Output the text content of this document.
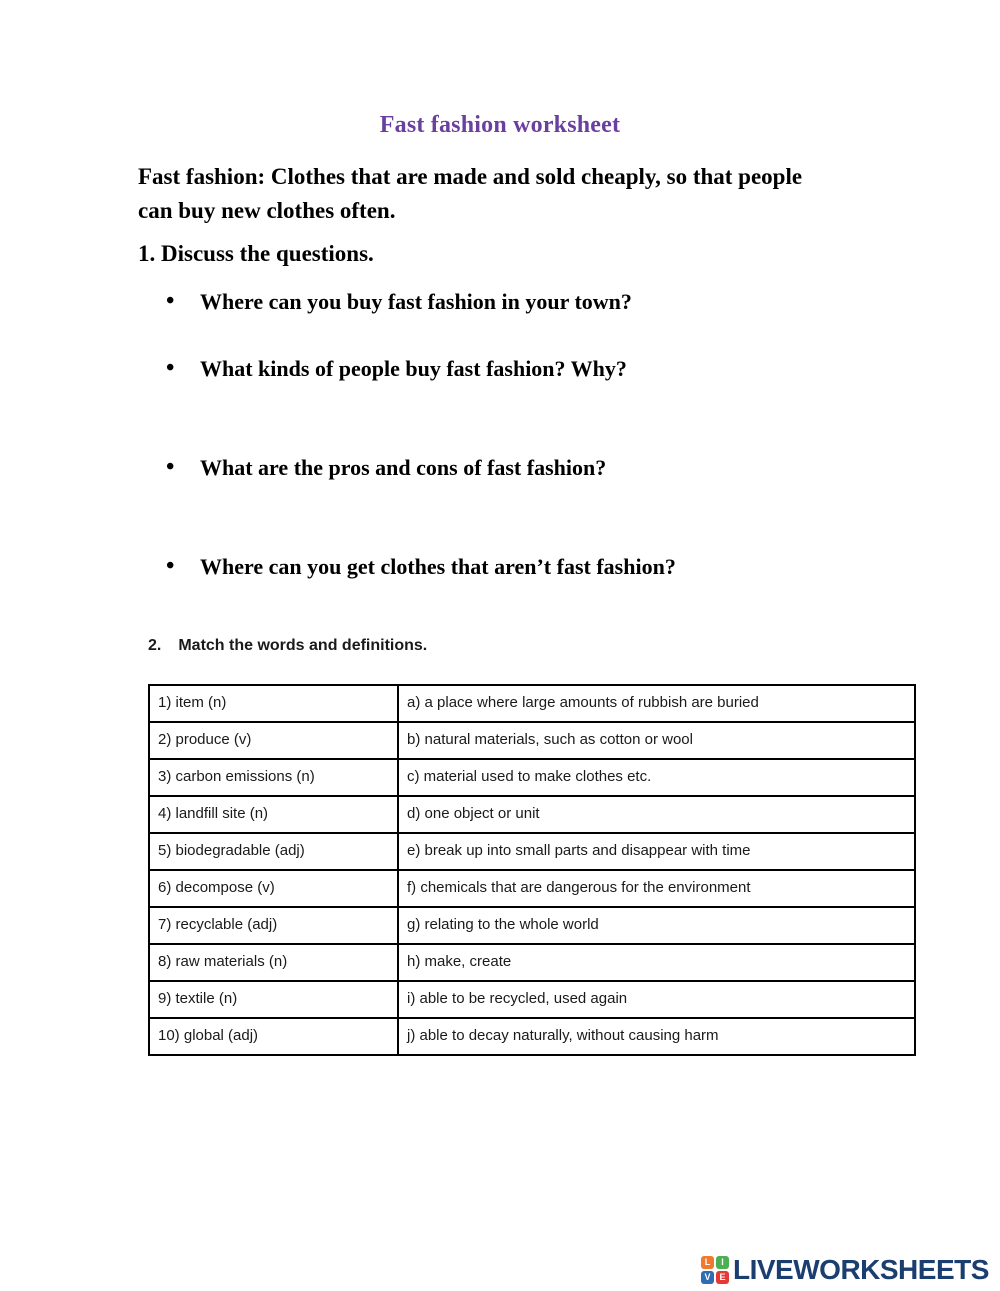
Fast fashion worksheet

Fast fashion: Clothes that are made and sold cheaply, so that people can buy new clothes often.

1. Discuss the questions.
• Where can you buy fast fashion in your town?
• What kinds of people buy fast fashion? Why?
• What are the pros and cons of fast fashion?
• Where can you get clothes that aren’t fast fashion?
2. Match the words and definitions.
1) item (n)	a) a place where large amounts of rubbish are buried
2) produce (v)	b) natural materials, such as cotton or wool
3) carbon emissions (n)	c) material used to make clothes etc.
4) landfill site (n)	d) one object or unit
5) biodegradable (adj)	e) break up into small parts and disappear with time
6) decompose (v)	f) chemicals that are dangerous for the environment
7) recyclable (adj)	g) relating to the whole world
8) raw materials (n)	h) make, create
9) textile (n)	i) able to be recycled, used again
10) global (adj)	j) able to decay naturally, without causing harm
L	I
V E LIVEWORKSHEETS
